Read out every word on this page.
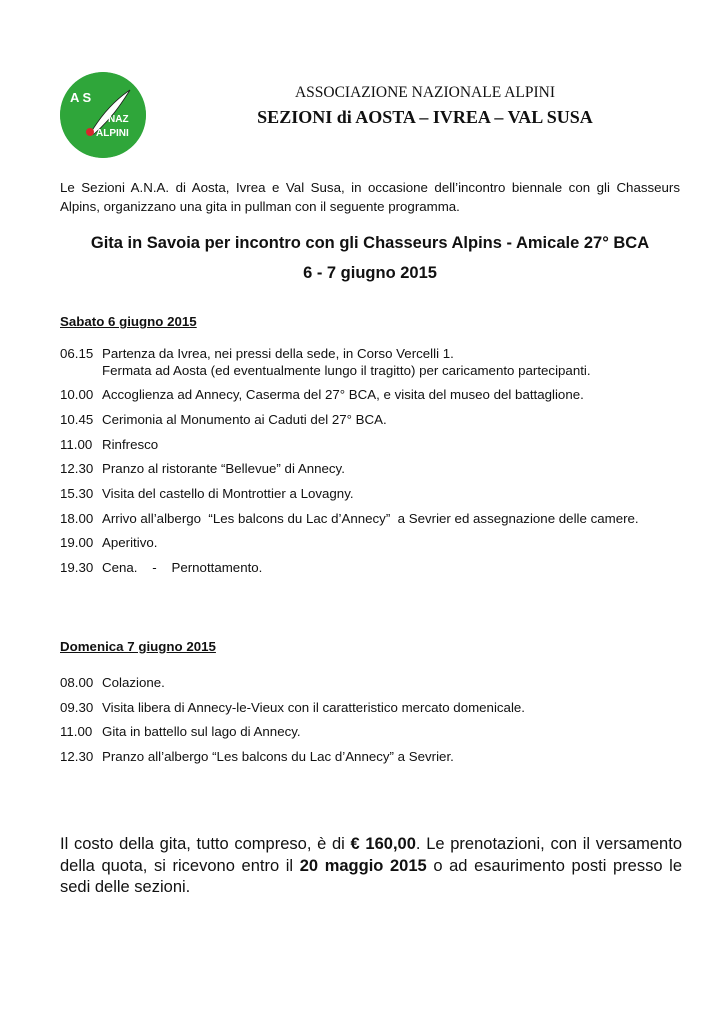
A S
NAZ
ALPINI
ASSOCIAZIONE NAZIONALE ALPINI
SEZIONI di AOSTA – IVREA – VAL SUSA
Le Sezioni A.N.A. di Aosta, Ivrea e Val Susa, in occasione dell’incontro biennale con gli Chasseurs Alpins, organizzano una gita in pullman con il seguente programma.
Gita in Savoia per incontro con gli Chasseurs Alpins - Amicale 27° BCA
6 - 7 giugno 2015
Sabato 6 giugno 2015
06.15 Partenza da Ivrea, nei pressi della sede, in Corso Vercelli 1.
Fermata ad Aosta (ed eventualmente lungo il tragitto) per caricamento partecipanti.
10.00 Accoglienza ad Annecy, Caserma del 27° BCA, e visita del museo del battaglione.
10.45 Cerimonia al Monumento ai Caduti del 27° BCA.
11.00 Rinfresco
12.30 Pranzo al ristorante “Bellevue” di Annecy.
15.30 Visita del castello di Montrottier a Lovagny.
18.00 Arrivo all’albergo  “Les balcons du Lac d’Annecy”  a Sevrier ed assegnazione delle camere.
19.00 Aperitivo.
19.30 Cena.    -    Pernottamento.
Domenica 7 giugno 2015
08.00 Colazione.
09.30 Visita libera di Annecy-le-Vieux con il caratteristico mercato domenicale.
11.00 Gita in battello sul lago di Annecy.
12.30 Pranzo all’albergo “Les balcons du Lac d’Annecy” a Sevrier.
Il costo della gita, tutto compreso, è di € 160,00. Le prenotazioni, con il versamento della quota, si ricevono entro il 20 maggio 2015 o ad esaurimento posti presso le sedi delle sezioni.
